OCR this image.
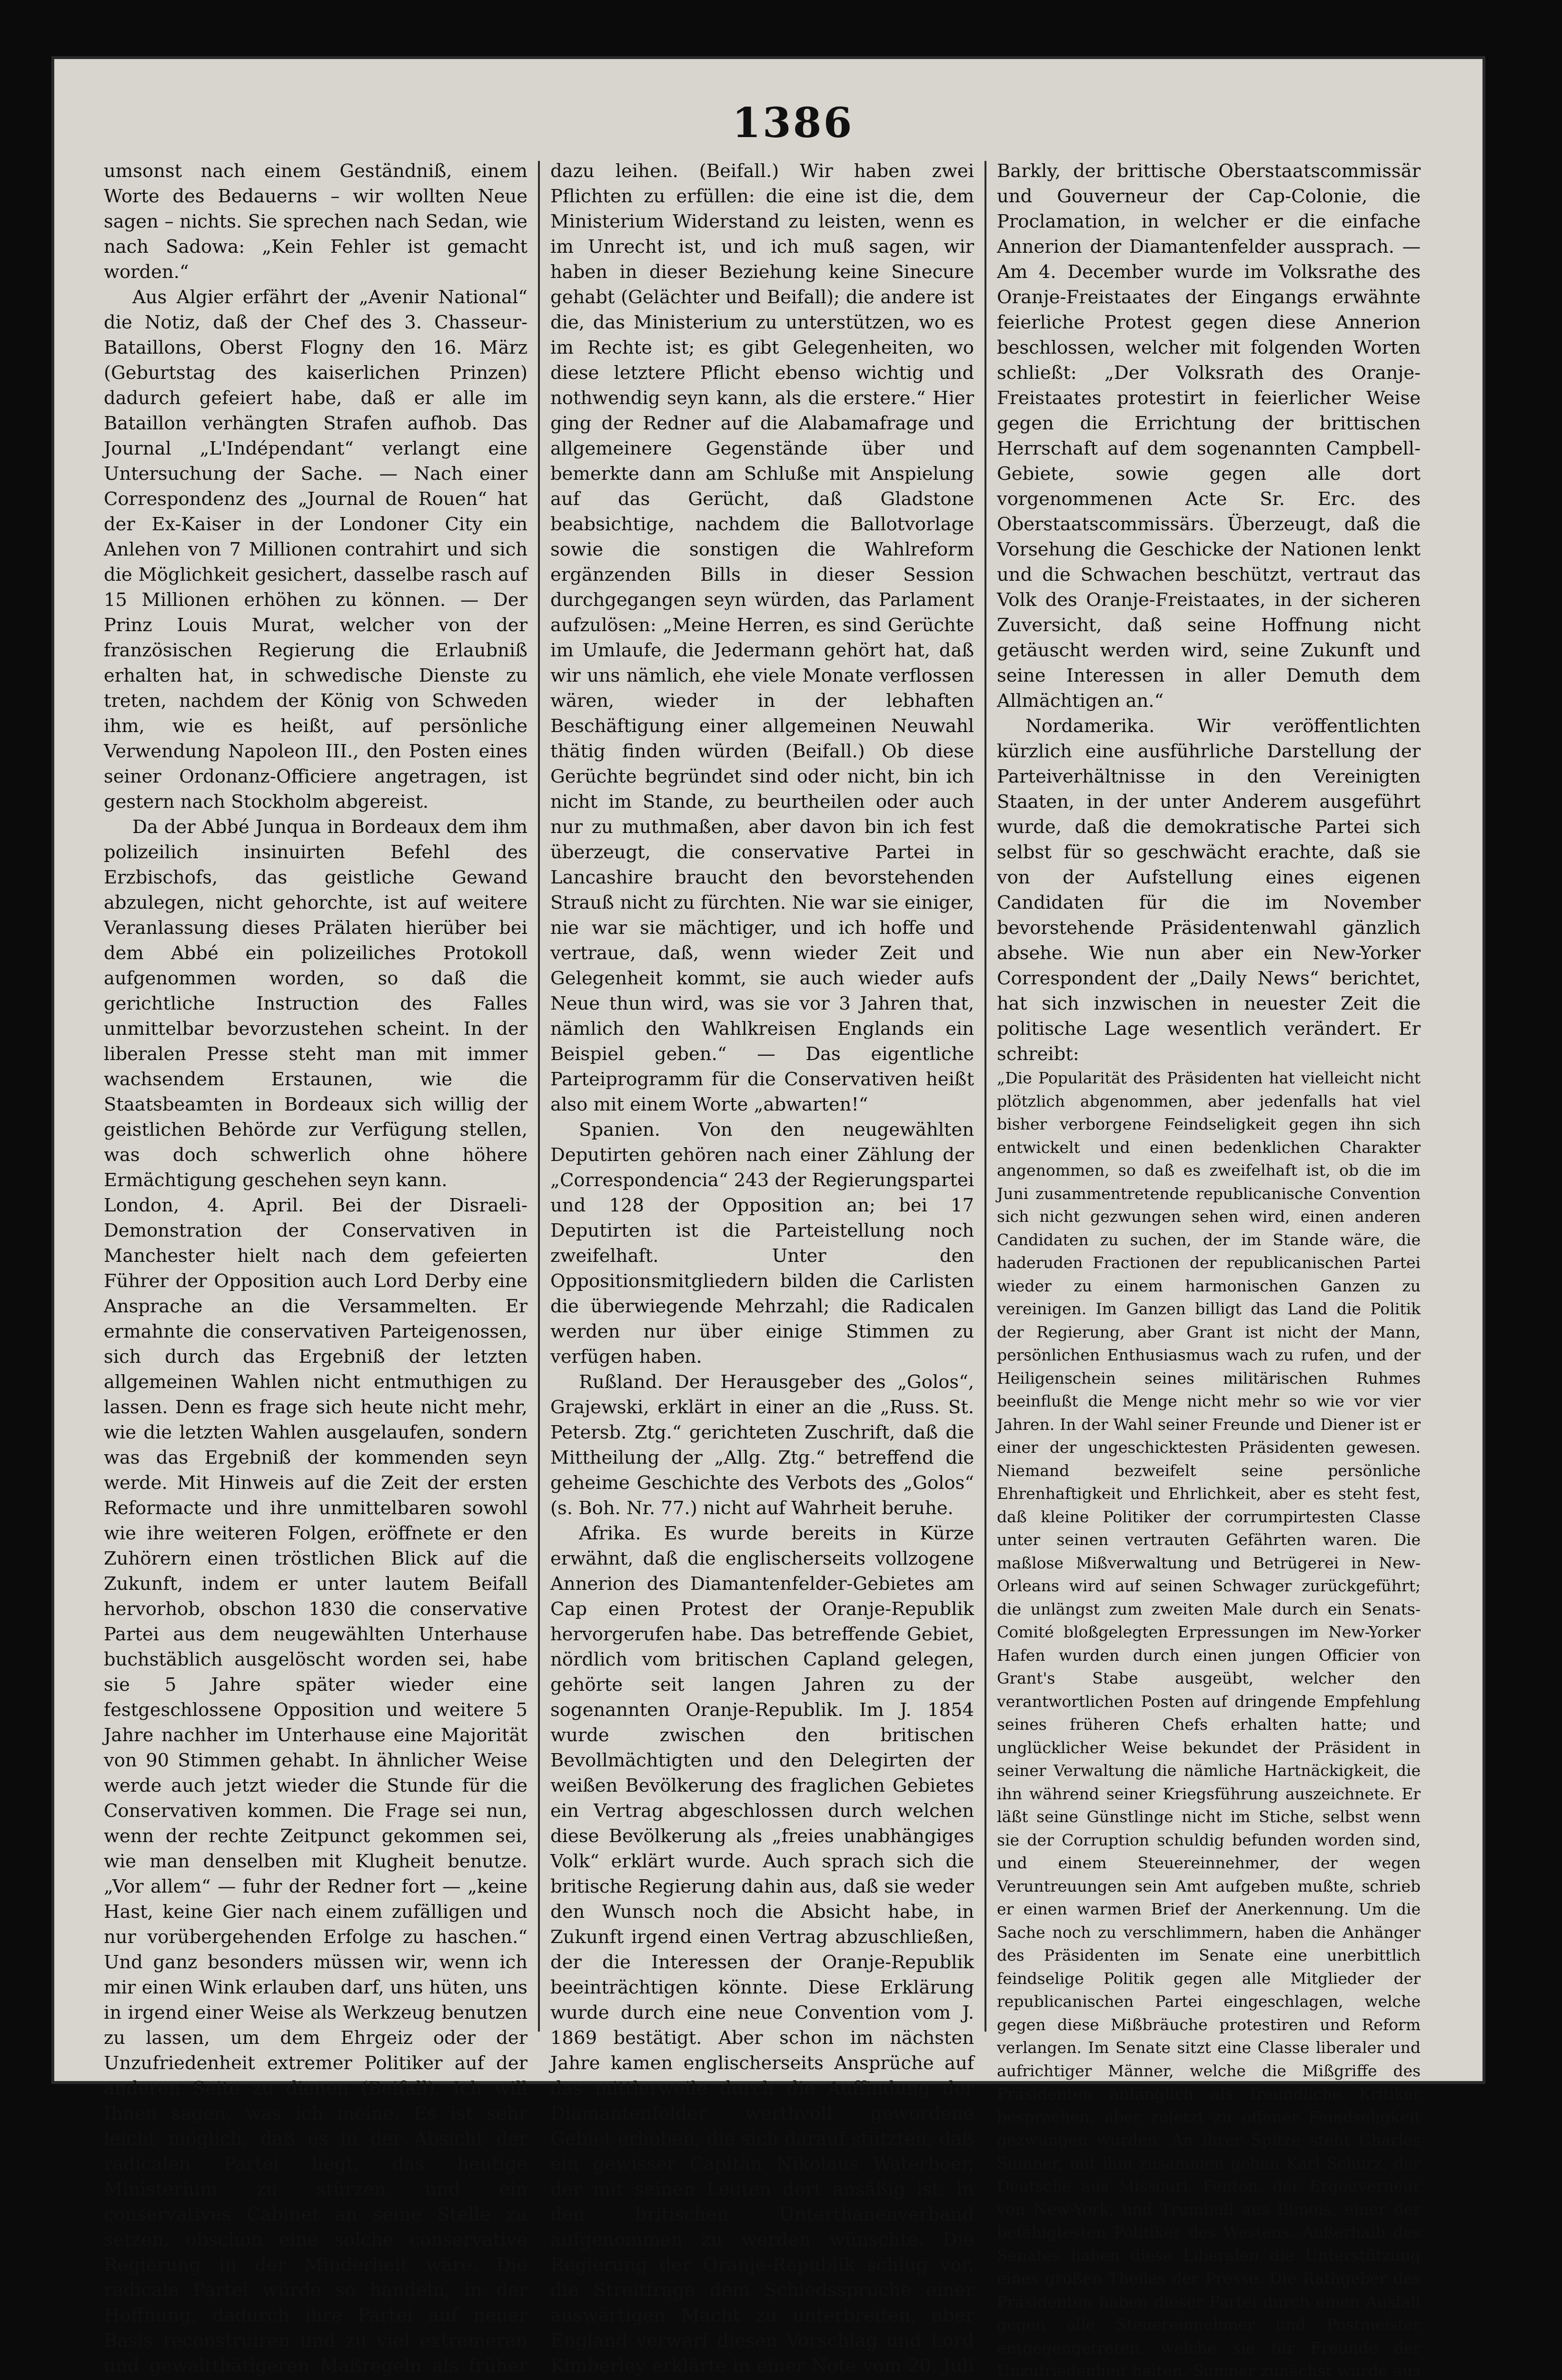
1386

umsonst nach einem Geständniß, einem Worte des Bedauerns – wir wollten Neue sagen – nichts. Sie sprechen nach Sedan, wie nach Sadowa: „Kein Fehler ist gemacht worden.“

Aus Algier erfährt der „Avenir National“ die Notiz, daß der Chef des 3. Chasseur-Bataillons, Oberst Flogny den 16. März (Geburtstag des kaiserlichen Prinzen) dadurch gefeiert habe, daß er alle im Bataillon verhängten Strafen aufhob. Das Journal „L'Indépendant“ verlangt eine Untersuchung der Sache. — Nach einer Correspondenz des „Journal de Rouen“ hat der Ex-Kaiser in der Londoner City ein Anlehen von 7 Millionen contrahirt und sich die Möglichkeit gesichert, dasselbe rasch auf 15 Millionen erhöhen zu können. — Der Prinz Louis Murat, welcher von der französischen Regierung die Erlaubniß erhalten hat, in schwedische Dienste zu treten, nachdem der König von Schweden ihm, wie es heißt, auf persönliche Verwendung Napoleon III., den Posten eines seiner Ordonanz-Officiere angetragen, ist gestern nach Stockholm abgereist.

Da der Abbé Junqua in Bordeaux dem ihm polizeilich insinuirten Befehl des Erzbischofs, das geistliche Gewand abzulegen, nicht gehorchte, ist auf weitere Veranlassung dieses Prälaten hierüber bei dem Abbé ein polizeiliches Protokoll aufgenommen worden, so daß die gerichtliche Instruction des Falles unmittelbar bevorzustehen scheint. In der liberalen Presse steht man mit immer wachsendem Erstaunen, wie die Staatsbeamten in Bordeaux sich willig der geistlichen Behörde zur Verfügung stellen, was doch schwerlich ohne höhere Ermächtigung geschehen seyn kann.

London, 4. April. Bei der Disraeli-Demonstration der Conservativen in Manchester hielt nach dem gefeierten Führer der Opposition auch Lord Derby eine Ansprache an die Versammelten. Er ermahnte die conservativen Parteigenossen, sich durch das Ergebniß der letzten allgemeinen Wahlen nicht entmuthigen zu lassen. Denn es frage sich heute nicht mehr, wie die letzten Wahlen ausgelaufen, sondern was das Ergebniß der kommenden seyn werde. Mit Hinweis auf die Zeit der ersten Reformacte und ihre unmittelbaren sowohl wie ihre weiteren Folgen, eröffnete er den Zuhörern einen tröstlichen Blick auf die Zukunft, indem er unter lautem Beifall hervorhob, obschon 1830 die conservative Partei aus dem neugewählten Unterhause buchstäblich ausgelöscht worden sei, habe sie 5 Jahre später wieder eine festgeschlossene Opposition und weitere 5 Jahre nachher im Unterhause eine Majorität von 90 Stimmen gehabt. In ähnlicher Weise werde auch jetzt wieder die Stunde für die Conservativen kommen. Die Frage sei nun, wenn der rechte Zeitpunct gekommen sei, wie man denselben mit Klugheit benutze. „Vor allem“ — fuhr der Redner fort — „keine Hast, keine Gier nach einem zufälligen und nur vorübergehenden Erfolge zu haschen.“ Und ganz besonders müssen wir, wenn ich mir einen Wink erlauben darf, uns hüten, uns in irgend einer Weise als Werkzeug benutzen zu lassen, um dem Ehrgeiz oder der Unzufriedenheit extremer Politiker auf der anderen Seite zu dienen (Beifall). Ich will Ihnen sagen, was ich meine. Es ist sehr leicht möglich, daß es in der Absicht der radicalen Partei liegt, das heutige Ministerium zu stürzen und ein conservatives Cabinet an seine Stelle zu setzen, obschon eine solche conservative Regierung in der Minderheit wäre. Die radicale Partei würde so handeln, in der Hoffnung, dadurch ihre Partei auf neuer Basis reconstruiren und zu viel extremeren und gewaltthätigeren Maßregeln als früher

dazu leihen. (Beifall.) Wir haben zwei Pflichten zu erfüllen: die eine ist die, dem Ministerium Widerstand zu leisten, wenn es im Unrecht ist, und ich muß sagen, wir haben in dieser Beziehung keine Sinecure gehabt (Gelächter und Beifall); die andere ist die, das Ministerium zu unterstützen, wo es im Rechte ist; es gibt Gelegenheiten, wo diese letztere Pflicht ebenso wichtig und nothwendig seyn kann, als die erstere.“ Hier ging der Redner auf die Alabamafrage und allgemeinere Gegenstände über und bemerkte dann am Schluße mit Anspielung auf das Gerücht, daß Gladstone beabsichtige, nachdem die Ballotvorlage sowie die sonstigen die Wahlreform ergänzenden Bills in dieser Session durchgegangen seyn würden, das Parlament aufzulösen: „Meine Herren, es sind Gerüchte im Umlaufe, die Jedermann gehört hat, daß wir uns nämlich, ehe viele Monate verflossen wären, wieder in der lebhaften Beschäftigung einer allgemeinen Neuwahl thätig finden würden (Beifall.) Ob diese Gerüchte begründet sind oder nicht, bin ich nicht im Stande, zu beurtheilen oder auch nur zu muthmaßen, aber davon bin ich fest überzeugt, die conservative Partei in Lancashire braucht den bevorstehenden Strauß nicht zu fürchten. Nie war sie einiger, nie war sie mächtiger, und ich hoffe und vertraue, daß, wenn wieder Zeit und Gelegenheit kommt, sie auch wieder aufs Neue thun wird, was sie vor 3 Jahren that, nämlich den Wahlkreisen Englands ein Beispiel geben.“ — Das eigentliche Parteiprogramm für die Conservativen heißt also mit einem Worte „abwarten!“

Spanien. Von den neugewählten Deputirten gehören nach einer Zählung der „Correspondencia“ 243 der Regierungspartei und 128 der Opposition an; bei 17 Deputirten ist die Parteistellung noch zweifelhaft. Unter den Oppositionsmitgliedern bilden die Carlisten die überwiegende Mehrzahl; die Radicalen werden nur über einige Stimmen zu verfügen haben.

Rußland. Der Herausgeber des „Golos“, Grajewski, erklärt in einer an die „Russ. St. Petersb. Ztg.“ gerichteten Zuschrift, daß die Mittheilung der „Allg. Ztg.“ betreffend die geheime Geschichte des Verbots des „Golos“ (s. Boh. Nr. 77.) nicht auf Wahrheit beruhe.

Afrika. Es wurde bereits in Kürze erwähnt, daß die englischerseits vollzogene Annerion des Diamantenfelder-Gebietes am Cap einen Protest der Oranje-Republik hervorgerufen habe. Das betreffende Gebiet, nördlich vom britischen Capland gelegen, gehörte seit langen Jahren zu der sogenannten Oranje-Republik. Im J. 1854 wurde zwischen den britischen Bevollmächtigten und den Delegirten der weißen Bevölkerung des fraglichen Gebietes ein Vertrag abgeschlossen durch welchen diese Bevölkerung als „freies unabhängiges Volk“ erklärt wurde. Auch sprach sich die britische Regierung dahin aus, daß sie weder den Wunsch noch die Absicht habe, in Zukunft irgend einen Vertrag abzuschließen, der die Interessen der Oranje-Republik beeinträchtigen könnte. Diese Erklärung wurde durch eine neue Convention vom J. 1869 bestätigt. Aber schon im nächsten Jahre kamen englischerseits Ansprüche auf das mittlerweile durch die Auffindung der Diamantenfelder werthvoll gewordene Gebiet erhoben, die sich darauf stützten, daß ein gewisser Capitän Nikolaus Waterboer, der mit seinen Leuten dort ansäßig ist, in den britischen Unterthanenverband aufgenommen zu werden wünschte. Die Regierung der Oranje-Republik schlug vor, die Streitfrage dem Schiedsspruche einer auswärtigen Macht zu unterbreiten, aber England verwarf diesen Vorschlag und Lord Kimberley erklärte in einer Note vom 20. Juli

Barkly, der brittische Oberstaatscommissär und Gouverneur der Cap-Colonie, die Proclamation, in welcher er die einfache Annerion der Diamantenfelder aussprach. — Am 4. December wurde im Volksrathe des Oranje-Freistaates der Eingangs erwähnte feierliche Protest gegen diese Annerion beschlossen, welcher mit folgenden Worten schließt: „Der Volksrath des Oranje-Freistaates protestirt in feierlicher Weise gegen die Errichtung der brittischen Herrschaft auf dem sogenannten Campbell-Gebiete, sowie gegen alle dort vorgenommenen Acte Sr. Erc. des Oberstaatscommissärs. Überzeugt, daß die Vorsehung die Geschicke der Nationen lenkt und die Schwachen beschützt, vertraut das Volk des Oranje-Freistaates, in der sicheren Zuversicht, daß seine Hoffnung nicht getäuscht werden wird, seine Zukunft und seine Interessen in aller Demuth dem Allmächtigen an.“

Nordamerika. Wir veröffentlichten kürzlich eine ausführliche Darstellung der Parteiverhältnisse in den Vereinigten Staaten, in der unter Anderem ausgeführt wurde, daß die demokratische Partei sich selbst für so geschwächt erachte, daß sie von der Aufstellung eines eigenen Candidaten für die im November bevorstehende Präsidentenwahl gänzlich absehe. Wie nun aber ein New-Yorker Correspondent der „Daily News“ berichtet, hat sich inzwischen in neuester Zeit die politische Lage wesentlich verändert. Er schreibt:

„Die Popularität des Präsidenten hat vielleicht nicht plötzlich abgenommen, aber jedenfalls hat viel bisher verborgene Feindseligkeit gegen ihn sich entwickelt und einen bedenklichen Charakter angenommen, so daß es zweifelhaft ist, ob die im Juni zusammentretende republicanische Convention sich nicht gezwungen sehen wird, einen anderen Candidaten zu suchen, der im Stande wäre, die haderuden Fractionen der republicanischen Partei wieder zu einem harmonischen Ganzen zu vereinigen. Im Ganzen billigt das Land die Politik der Regierung, aber Grant ist nicht der Mann, persönlichen Enthusiasmus wach zu rufen, und der Heiligenschein seines militärischen Ruhmes beeinflußt die Menge nicht mehr so wie vor vier Jahren. In der Wahl seiner Freunde und Diener ist er einer der ungeschicktesten Präsidenten gewesen. Niemand bezweifelt seine persönliche Ehrenhaftigkeit und Ehrlichkeit, aber es steht fest, daß kleine Politiker der corrumpirtesten Classe unter seinen vertrauten Gefährten waren. Die maßlose Mißverwaltung und Betrügerei in New-Orleans wird auf seinen Schwager zurückgeführt; die unlängst zum zweiten Male durch ein Senats-Comité bloßgelegten Erpressungen im New-Yorker Hafen wurden durch einen jungen Officier von Grant's Stabe ausgeübt, welcher den verantwortlichen Posten auf dringende Empfehlung seines früheren Chefs erhalten hatte; und unglücklicher Weise bekundet der Präsident in seiner Verwaltung die nämliche Hartnäckigkeit, die ihn während seiner Kriegsführung auszeichnete. Er läßt seine Günstlinge nicht im Stiche, selbst wenn sie der Corruption schuldig befunden worden sind, und einem Steuereinnehmer, der wegen Veruntreuungen sein Amt aufgeben mußte, schrieb er einen warmen Brief der Anerkennung. Um die Sache noch zu verschlimmern, haben die Anhänger des Präsidenten im Senate eine unerbittlich feindselige Politik gegen alle Mitglieder der republicanischen Partei eingeschlagen, welche gegen diese Mißbräuche protestiren und Reform verlangen. Im Senate sitzt eine Classe liberaler und aufrichtiger Männer, welche die Mißgriffe des Präsidenten anfänglich als freundliche Kritiker besprachen, aber zuletzt zu offener Feindseligkeit gezwungen wurden. An ihrer Spitze steht Charles Sumner, mit ihm zusammen gehen Karl Schurz, der Deutsche aus Missouri, Fenton, der Ergouverneur von New-York, und Trumbull aus Illinois, einer der befähigtesten Politiker des Westens. Außerhalb des Senates haben diese Liberalen die Unterstützung eines großen Theiles der Presse. Die Rathgeber des Präsidenten haben dieser Partei durch einen Ausfall gegen alle Steuereinnehmer und Postmeister entgegengetreten, welche sie für Freunde der Unzufriedenheit halten. Sumner zunächst wurde aus
